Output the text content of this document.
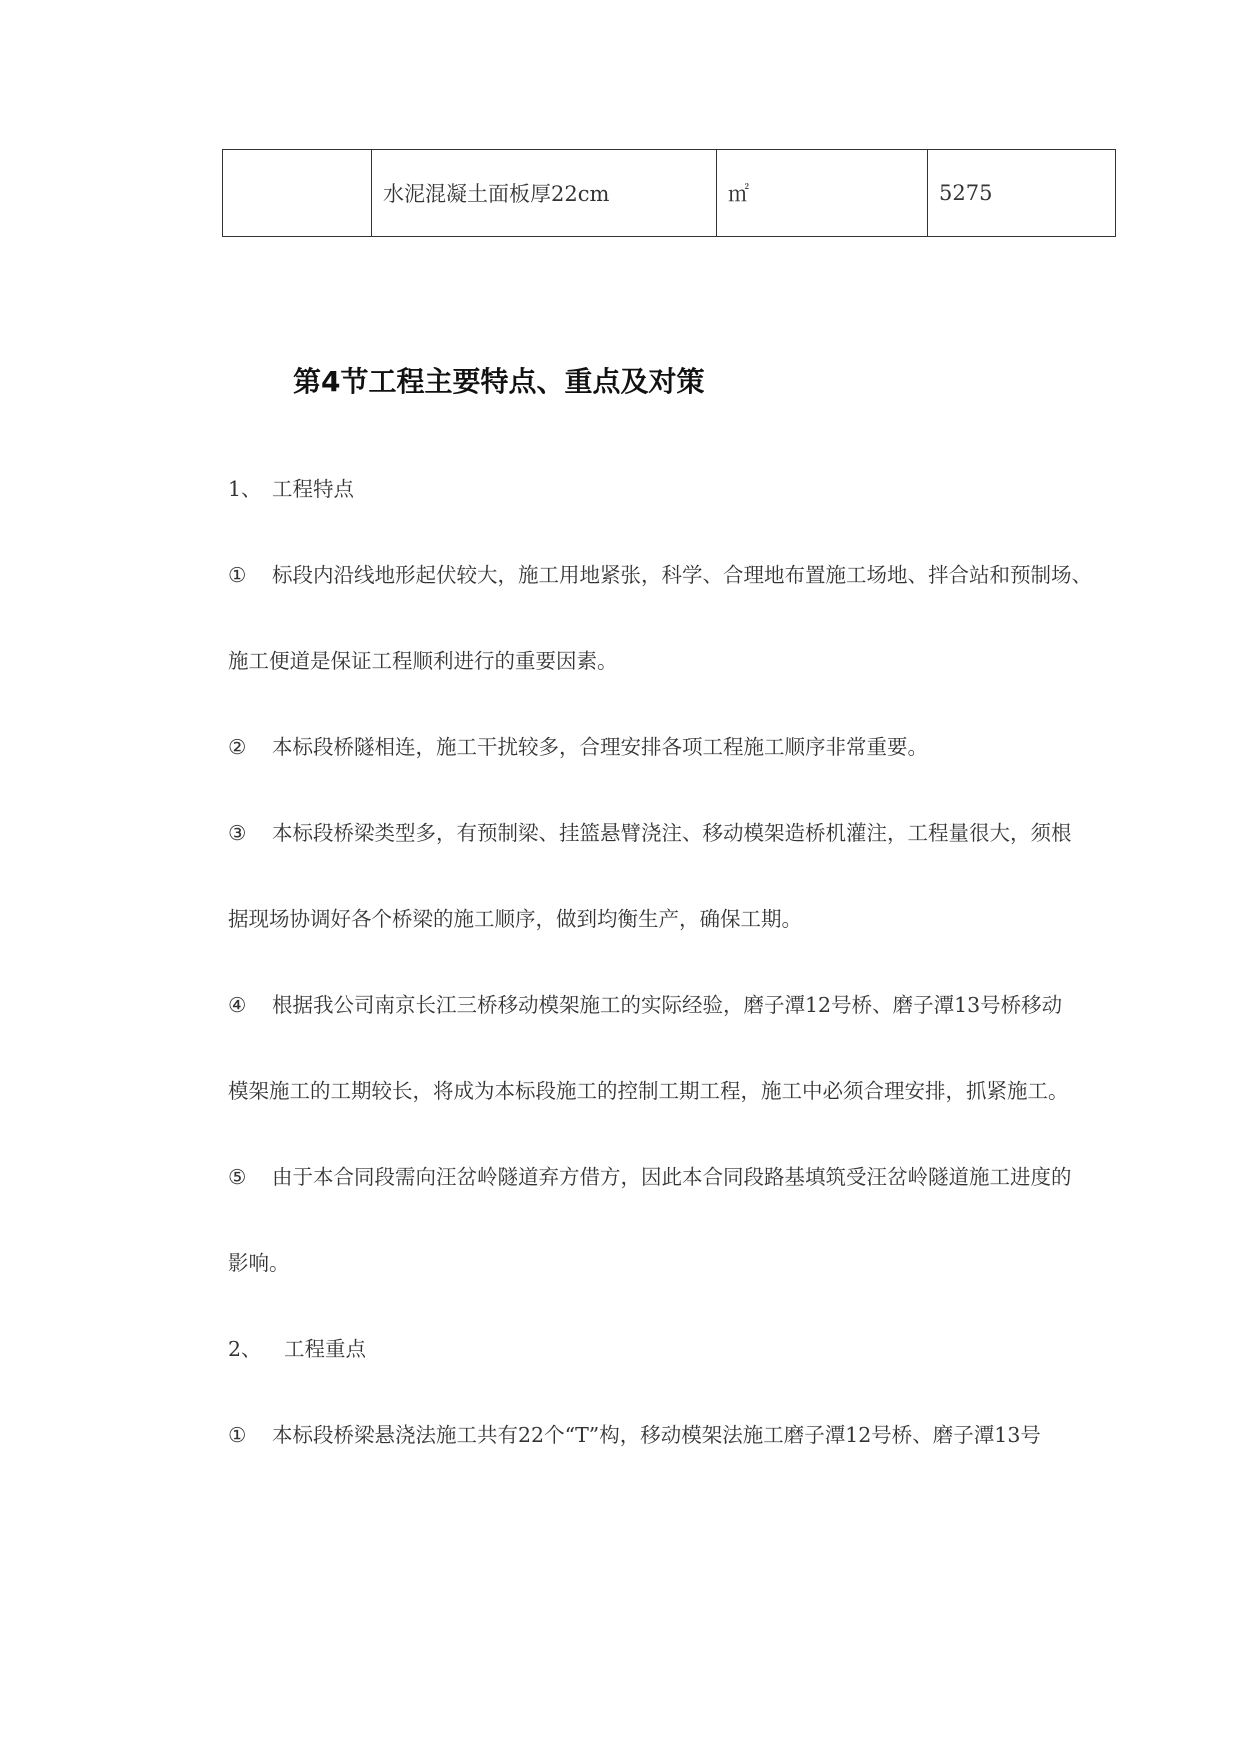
	水泥混凝土面板厚22cm	㎡	5275
第4节工程主要特点、重点及对策
1、 工程特点
① 标段内沿线地形起伏较大，施工用地紧张，科学、合理地布置施工场地、拌合站和预制场、
施工便道是保证工程顺利进行的重要因素。
② 本标段桥隧相连，施工干扰较多，合理安排各项工程施工顺序非常重要。
③ 本标段桥梁类型多，有预制梁、挂篮悬臂浇注、移动模架造桥机灌注，工程量很大，须根
据现场协调好各个桥梁的施工顺序，做到均衡生产，确保工期。
④ 根据我公司南京长江三桥移动模架施工的实际经验，磨子潭12号桥、磨子潭13号桥移动
模架施工的工期较长，将成为本标段施工的控制工期工程，施工中必须合理安排，抓紧施工。
⑤ 由于本合同段需向汪岔岭隧道弃方借方，因此本合同段路基填筑受汪岔岭隧道施工进度的
影响。
2、 工程重点
① 本标段桥梁悬浇法施工共有22个“T”构，移动模架法施工磨子潭12号桥、磨子潭13号
